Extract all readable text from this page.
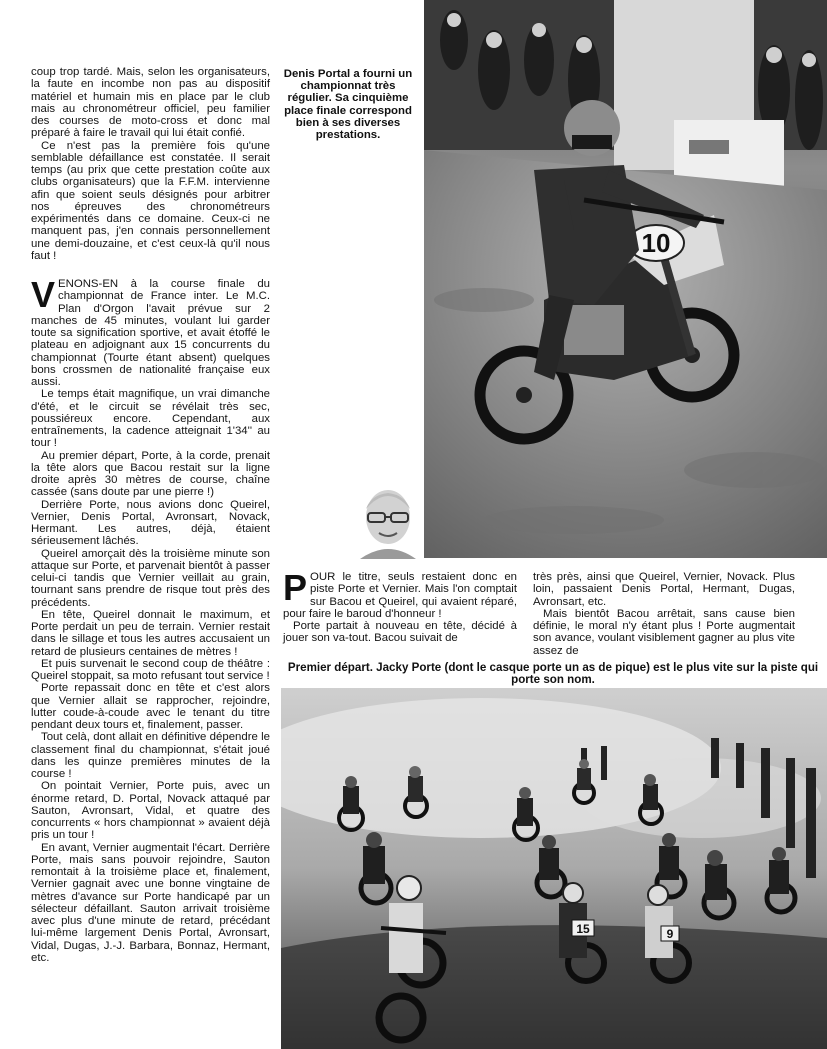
coup trop tardé. Mais, selon les organisateurs, la faute en incombe non pas au dispositif matériel et humain mis en place par le club mais au chronométreur officiel, peu familier des courses de moto-cross et donc mal préparé à faire le travail qui lui était confié.

Ce n'est pas la première fois qu'une semblable défaillance est constatée. Il serait temps (au prix que cette prestation coûte aux clubs organisateurs) que la F.F.M. intervienne afin que soient seuls désignés pour arbitrer nos épreuves des chronométreurs expérimentés dans ce domaine. Ceux-ci ne manquent pas, j'en connais personnellement une demi-douzaine, et c'est ceux-là qu'il nous faut !

VENONS-EN à la course finale du championnat de France inter. Le M.C. Plan d'Orgon l'avait prévue sur 2 manches de 45 minutes, voulant lui garder toute sa signification sportive, et avait étoffé le plateau en adjoignant aux 15 concurrents du championnat (Tourte étant absent) quelques bons crossmen de nationalité française eux aussi.

Le temps était magnifique, un vrai dimanche d'été, et le circuit se révélait très sec, poussiéreux encore. Cependant, aux entraînements, la cadence atteignait 1'34'' au tour !

Au premier départ, Porte, à la corde, prenait la tête alors que Bacou restait sur la ligne droite après 30 mètres de course, chaîne cassée (sans doute par une pierre !)

Derrière Porte, nous avions donc Queirel, Vernier, Denis Portal, Avronsart, Novack, Hermant. Les autres, déjà, étaient sérieusement lâchés.

Queirel amorçait dès la troisième minute son attaque sur Porte, et parvenait bientôt à passer celui-ci tandis que Vernier veillait au grain, tournant sans prendre de risque tout près des précédents.

En tête, Queirel donnait le maximum, et Porte perdait un peu de terrain. Vernier restait dans le sillage et tous les autres accusaient un retard de plusieurs centaines de mètres !

Et puis survenait le second coup de théâtre : Queirel stoppait, sa moto refusant tout service !

Porte repassait donc en tête et c'est alors que Vernier allait se rapprocher, rejoindre, lutter coude-à-coude avec le tenant du titre pendant deux tours et, finalement, passer.

Tout celà, dont allait en définitive dépendre le classement final du championnat, s'était joué dans les quinze premières minutes de la course !

On pointait Vernier, Porte puis, avec un énorme retard, D. Portal, Novack attaqué par Sauton, Avronsart, Vidal, et quatre des concurrents « hors championnat » avaient déjà pris un tour !

En avant, Vernier augmentait l'écart. Derrière Porte, mais sans pouvoir rejoindre, Sauton remontait à la troisième place et, finalement, Vernier gagnait avec une bonne vingtaine de mètres d'avance sur Porte handicapé par un sélecteur défaillant. Sauton arrivait troisième avec plus d'une minute de retard, précédant lui-même largement Denis Portal, Avronsart, Vidal, Dugas, J.-J. Barbara, Bonnaz, Hermant, etc.

Denis Portal a fourni un championnat très régulier. Sa cinquième place finale correspond bien à ses diverses prestations.
10

POUR le titre, seuls restaient donc en piste Porte et Vernier. Mais l'on comptait sur Bacou et Queirel, qui avaient réparé, pour faire le baroud d'honneur !

Porte partait à nouveau en tête, décidé à jouer son va-tout. Bacou suivait de

très près, ainsi que Queirel, Vernier, Novack. Plus loin, passaient Denis Portal, Hermant, Dugas, Avronsart, etc.

Mais bientôt Bacou arrêtait, sans cause bien définie, le moral n'y étant plus ! Porte augmentait son avance, voulant visiblement gagner au plus vite assez de

Premier départ. Jacky Porte (dont le casque porte un as de pique) est le plus vite sur la piste qui porte son nom.
15	9
